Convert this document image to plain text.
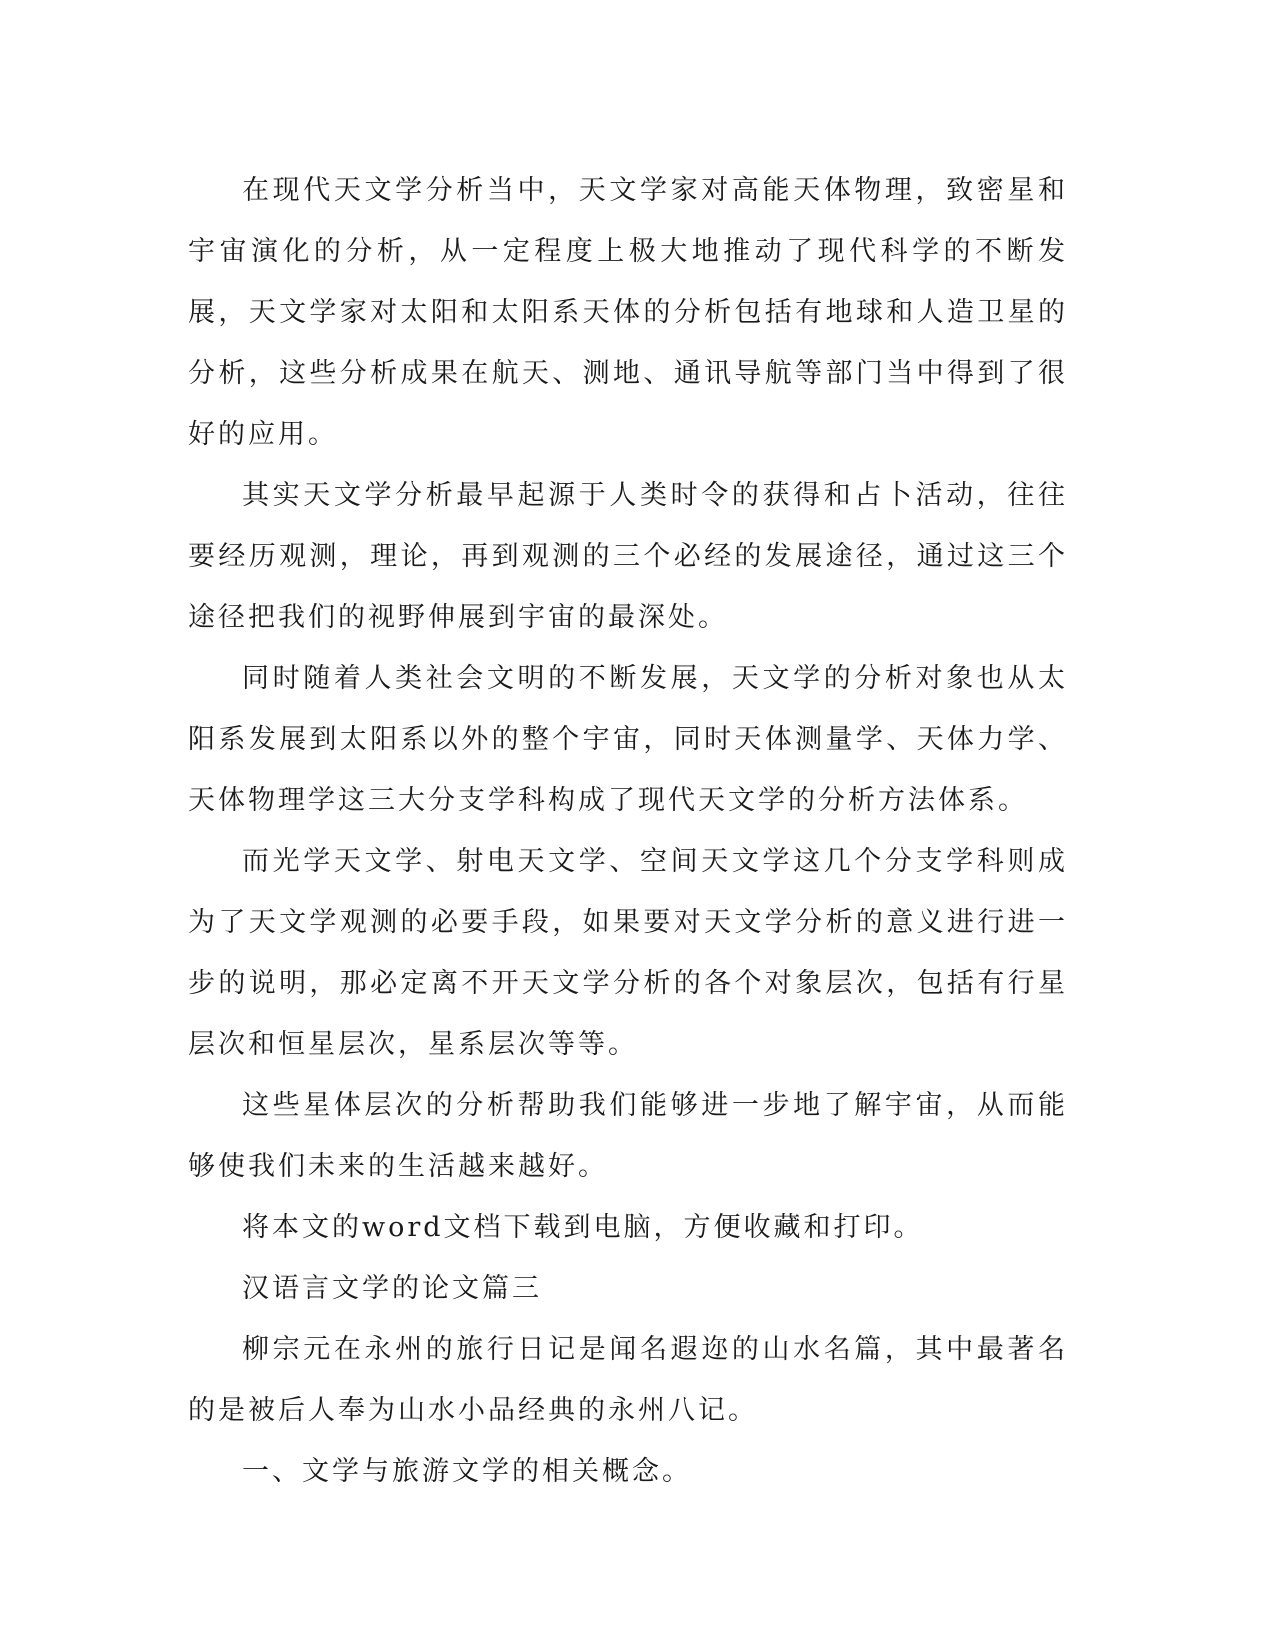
在现代天文学分析当中，天文学家对高能天体物理，致密星和宇宙演化的分析，从一定程度上极大地推动了现代科学的不断发展，天文学家对太阳和太阳系天体的分析包括有地球和人造卫星的分析，这些分析成果在航天、测地、通讯导航等部门当中得到了很好的应用。

其实天文学分析最早起源于人类时令的获得和占卜活动，往往要经历观测，理论，再到观测的三个必经的发展途径，通过这三个途径把我们的视野伸展到宇宙的最深处。

同时随着人类社会文明的不断发展，天文学的分析对象也从太阳系发展到太阳系以外的整个宇宙，同时天体测量学、天体力学、天体物理学这三大分支学科构成了现代天文学的分析方法体系。

而光学天文学、射电天文学、空间天文学这几个分支学科则成为了天文学观测的必要手段，如果要对天文学分析的意义进行进一步的说明，那必定离不开天文学分析的各个对象层次，包括有行星层次和恒星层次，星系层次等等。

这些星体层次的分析帮助我们能够进一步地了解宇宙，从而能够使我们未来的生活越来越好。

将本文的word文档下载到电脑，方便收藏和打印。

汉语言文学的论文篇三

柳宗元在永州的旅行日记是闻名遐迩的山水名篇，其中最著名的是被后人奉为山水小品经典的永州八记。

一、文学与旅游文学的相关概念。
